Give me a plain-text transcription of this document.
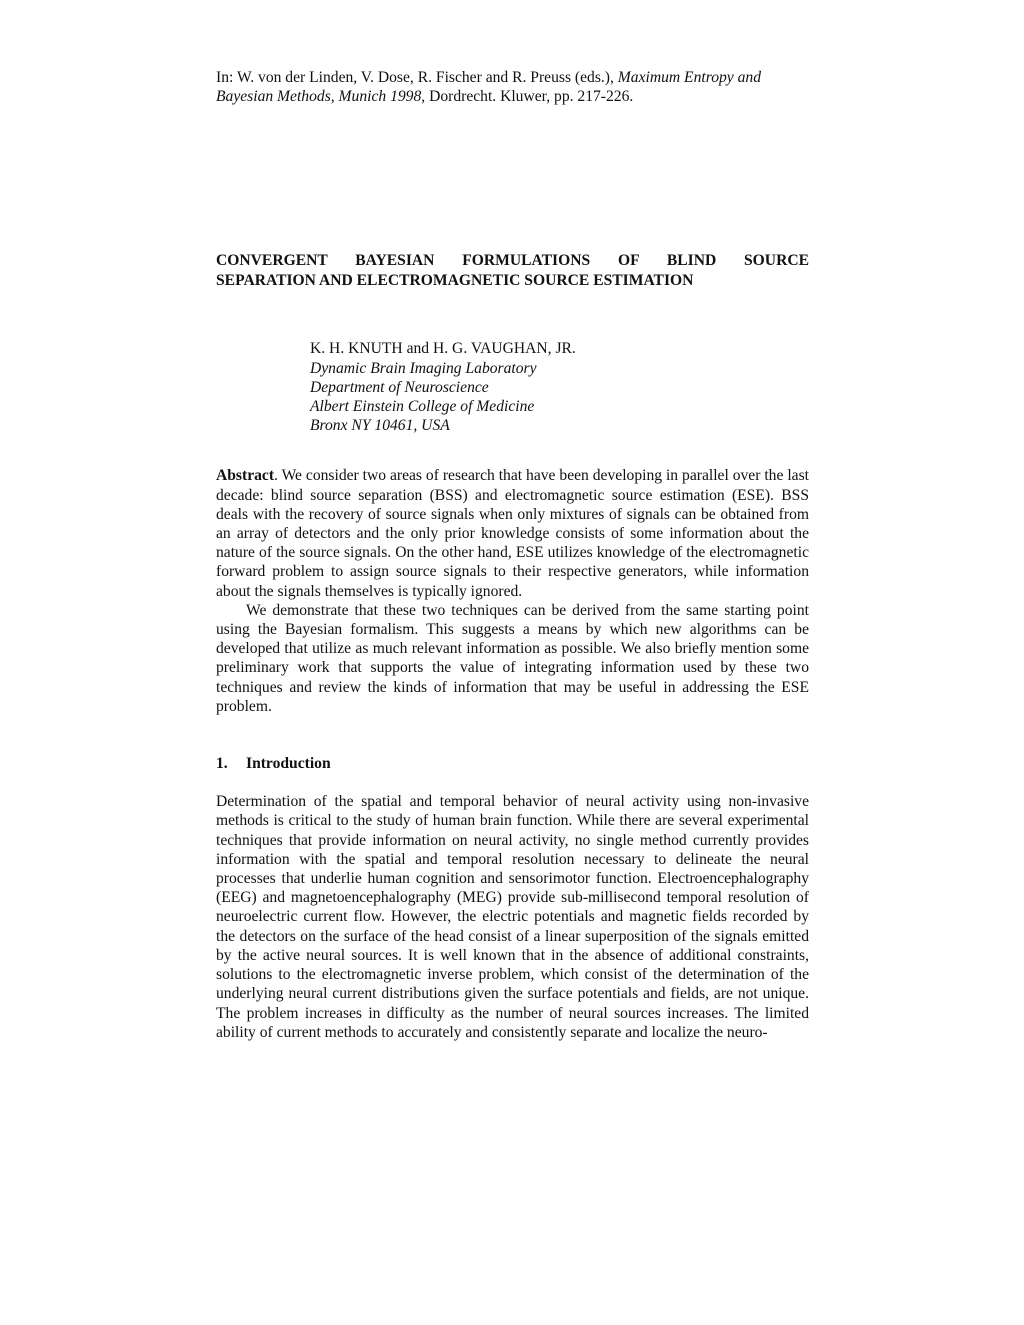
In: W. von der Linden, V. Dose, R. Fischer and R. Preuss (eds.), Maximum Entropy and
Bayesian Methods, Munich 1998, Dordrecht. Kluwer, pp. 217-226.
CONVERGENT BAYESIAN FORMULATIONS OF BLIND SOURCE
SEPARATION AND ELECTROMAGNETIC SOURCE ESTIMATION
K. H. KNUTH and H. G. VAUGHAN, JR.
Dynamic Brain Imaging Laboratory
Department of Neuroscience
Albert Einstein College of Medicine
Bronx NY 10461, USA

Abstract. We consider two areas of research that have been developing in parallel over the last decade: blind source separation (BSS) and electromagnetic source estimation (ESE). BSS deals with the recovery of source signals when only mixtures of signals can be obtained from an array of detectors and the only prior knowledge consists of some information about the nature of the source signals. On the other hand, ESE utilizes knowledge of the electromagnetic forward problem to assign source signals to their respective generators, while information about the signals themselves is typically ignored.

We demonstrate that these two techniques can be derived from the same starting point using the Bayesian formalism. This suggests a means by which new algorithms can be developed that utilize as much relevant information as possible. We also briefly mention some preliminary work that supports the value of integrating information used by these two techniques and review the kinds of information that may be useful in addressing the ESE problem.

1. Introduction

Determination of the spatial and temporal behavior of neural activity using non-invasive methods is critical to the study of human brain function. While there are several experimental techniques that provide information on neural activity, no single method currently provides information with the spatial and temporal resolution necessary to delineate the neural processes that underlie human cognition and sensorimotor function. Electroencephalography (EEG) and magnetoencephalography (MEG) provide sub-millisecond temporal resolution of neuroelectric current flow. However, the electric potentials and magnetic fields recorded by the detectors on the surface of the head consist of a linear superposition of the signals emitted by the active neural sources. It is well known that in the absence of additional constraints, solutions to the electromagnetic inverse problem, which consist of the determination of the underlying neural current distributions given the surface potentials and fields, are not unique. The problem increases in difficulty as the number of neural sources increases. The limited ability of current methods to accurately and consistently separate and localize the neuro-
